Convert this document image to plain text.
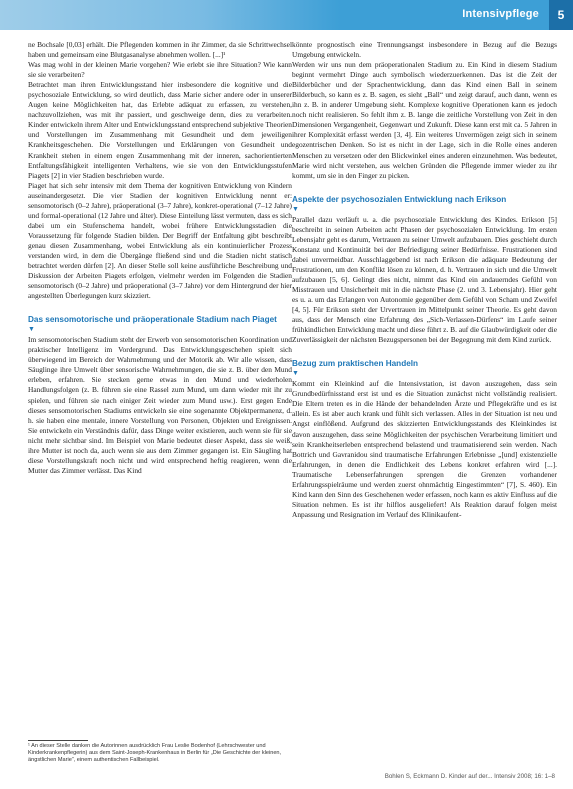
Intensivpflege	5

ne Bochsale [0,03] erhält. Die Pflegenden kommen in ihr Zimmer, da sie Schrittwechsel haben und gemeinsam eine Blutgasanalyse abnehmen wollen. [...]¹

Was mag wohl in der kleinen Marie vorgehen? Wie erlebt sie ihre Situation? Wie kann sie sie verarbeiten?

Betrachtet man ihren Entwicklungsstand hier insbesondere die kognitive und die psychosoziale Entwicklung, so wird deutlich, dass Marie sicher andere oder in unserer Augen keine Möglichkeiten hat, das Erlebte adäquat zu erfassen, zu verstehen, nachzuvollziehen, was mit ihr passiert, und geschweige denn, dies zu verarbeiten. Kinder entwickeln ihrem Alter und Entwicklungsstand entsprechend subjektive Theorien und Vorstellungen im Zusammenhang mit Gesundheit und dem jeweiligen Krankheitsgeschehen. Die Vorstellungen und Erklärungen von Gesundheit und Krankheit stehen in einem engen Zusammenhang mit der inneren, sachorientierten Entfaltungsfähigkeit intelligenten Verhaltens, wie sie von den Entwicklungsstufen Piagets [2] in vier Stadien beschrieben wurde.

Piaget hat sich sehr intensiv mit dem Thema der kognitiven Entwicklung von Kindern auseinandergesetzt. Die vier Stadien der kognitiven Entwicklung nennt er: sensomotorisch (0–2 Jahre), präoperational (3–7 Jahre), konkret-operational (7–12 Jahre) und formal-operational (12 Jahre und älter). Diese Einteilung lässt vermuten, dass es sich dabei um ein Stufenschema handelt, wobei frühere Entwicklungsstadien die Voraussetzung für folgende Stadien bilden. Der Begriff der Entfaltung gibt beschreibt genau diesen Zusammenhang, wobei Entwicklung als ein kontinuierlicher Prozess verstanden wird, in dem die Übergänge fließend sind und die Stadien nicht statisch betrachtet werden dürfen [2]. An dieser Stelle soll keine ausführliche Beschreibung und Diskussion der Arbeiten Piagets erfolgen, vielmehr werden im Folgenden die Stadien sensomotorisch (0–2 Jahre) und präoperational (3–7 Jahre) vor dem Hintergrund der hier angestellten Überlegungen kurz skizziert.

Das sensomotorische und präoperationale Stadium nach Piaget
▼

Im sensomotorischen Stadium steht der Erwerb von sensomotorischen Koordination und praktischer Intelligenz im Vordergrund. Das Entwicklungsgeschehen spielt sich überwiegend im Bereich der Wahrnehmung und der Motorik ab. Wir alle wissen, dass Säuglinge ihre Umwelt über sensorische Wahrnehmungen, die sie z. B. über den Mund erleben, erfahren. Sie stecken gerne etwas in den Mund und wiederholen Handlungsfolgen (z. B. führen sie eine Rassel zum Mund, um dann wieder mit ihr zu spielen, und führen sie nach einiger Zeit wieder zum Mund usw.). Erst gegen Ende dieses sensomotorischen Stadiums entwickeln sie eine sogenannte Objektpermanenz, d. h. sie haben eine mentale, innere Vorstellung von Personen, Objekten und Ereignissen. Sie entwickeln ein Verständnis dafür, dass Dinge weiter existieren, auch wenn sie für sie nicht mehr sichtbar sind. Im Beispiel von Marie bedeutet dieser Aspekt, dass sie weiß, ihre Mutter ist noch da, auch wenn sie aus dem Zimmer gegangen ist. Ein Säugling hat diese Vorstellungskraft noch nicht und wird entsprechend heftig reagieren, wenn die Mutter das Zimmer verlässt. Das Kind

¹ An dieser Stelle danken die Autorinnen ausdrücklich Frau Leslie Bodenhof (Lehrschwester und Kinderkrankenpflegerin) aus dem Saint-Joseph-Krankenhaus in Berlin für „Die Geschichte der kleinen, ängstlichen Marie“, einem authentischen Fallbeispiel.

könnte prognostisch eine Trennungsangst insbesondere in Bezug auf die Bezugs Umgebung entwickeln.

Werden wir uns nun dem präoperationalen Stadium zu. Ein Kind in diesem Stadium beginnt vermehrt Dinge auch symbolisch wiederzuerkennen. Das ist die Zeit der Bilderbücher und der Sprachentwicklung, dann das Kind einen Ball in seinem Bilderbuch, so kann es z. B. sagen, es sieht „Ball“ und zeigt darauf, auch dann, wenn es ihn z. B. in anderer Umgebung sieht. Komplexe kognitive Operationen kann es jedoch noch nicht realisieren. So fehlt ihm z. B. lange die zeitliche Vorstellung von Zeit in den Dimensionen Vergangenheit, Gegenwart und Zukunft. Diese kann erst mit ca. 5 Jahren in ihrer Komplexität erfasst werden [3, 4]. Ein weiteres Unvermögen zeigt sich in seinem egozentrischen Denken. So ist es nicht in der Lage, sich in die Rolle eines anderen Menschen zu versetzen oder den Blickwinkel eines anderen einzunehmen. Was bedeutet, Marie wird nicht verstehen, aus welchen Gründen die Pflegende immer wieder zu ihr kommt, um sie in den Finger zu picken.

Aspekte der psychosozialen Entwicklung nach Erikson
▼

Parallel dazu verläuft u. a. die psychosoziale Entwicklung des Kindes. Erikson [5] beschreibt in seinen Arbeiten acht Phasen der psychosozialen Entwicklung. Im ersten Lebensjahr geht es darum, Vertrauen zu seiner Umwelt aufzubauen. Dies geschieht durch Konstanz und Kontinuität bei der Befriedigung seiner Bedürfnisse. Frustrationen sind dabei unvermeidbar. Ausschlaggebend ist nach Erikson die adäquate Bedeutung der Frustrationen, um den Konflikt lösen zu können, d. h. Vertrauen in sich und die Umwelt aufzubauen [5, 6]. Gelingt dies nicht, nimmt das Kind ein andauerndes Gefühl von Misstrauen und Unsicherheit mit in die nächste Phase (2. und 3. Lebensjahr). Hier geht es u. a. um das Erlangen von Autonomie gegenüber dem Gefühl von Scham und Zweifel [4, 5]. Für Erikson steht der Urvertrauen im Mittelpunkt seiner Theorie. Es geht davon aus, dass der Mensch eine Erfahrung des „Sich-Verlassen-Dürfens“ im Laufe seiner frühkindlichen Entwicklung macht und diese führt z. B. auf die Glaubwürdigkeit oder die Zuverlässigkeit der nächsten Bezugspersonen bei der Begegnung mit dem Kind zurück.

Bezug zum praktischen Handeln
▼

Kommt ein Kleinkind auf die Intensivstation, ist davon auszugehen, dass sein Grundbedürfnisstand erst ist und es die Situation zunächst nicht vollständig realisiert. Die Eltern treten es in die Hände der behandelnden Ärzte und Pflegekräfte und es ist allein. Es ist aber auch krank und fühlt sich verlassen. Alles in der Situation ist neu und Angst einflößend. Aufgrund des skizzierten Entwicklungsstands des Kleinkindes ist davon auszugehen, dass seine Möglichkeiten der psychischen Verarbeitung limitiert und sein Krankheitserleben entsprechend belastend und traumatisierend sein werden. Nach Bottrich und Gavranidou sind traumatische Erfahrungen Erlebnisse „[und] existenzielle Erfahrungen, in denen die Endlichkeit des Lebens konkret erfahren wird [...]. Traumatische Lebenserfahrungen sprengen die Grenzen vorhandener Erfahrungsspielräume und werden zuerst ohnmächtig Eingestimmten“ [7], S. 460). Ein Kind kann den Sinn des Geschehenen weder erfassen, noch kann es aktiv Einfluss auf die Situation nehmen. Es ist ihr hilflos ausgeliefert! Als Reaktion darauf folgen meist Anpassung und Resignation im Verlauf des Klinikaufent-

Bohlen S, Eckmann D. Kinder auf der... Intensiv 2008; 16: 1–8
